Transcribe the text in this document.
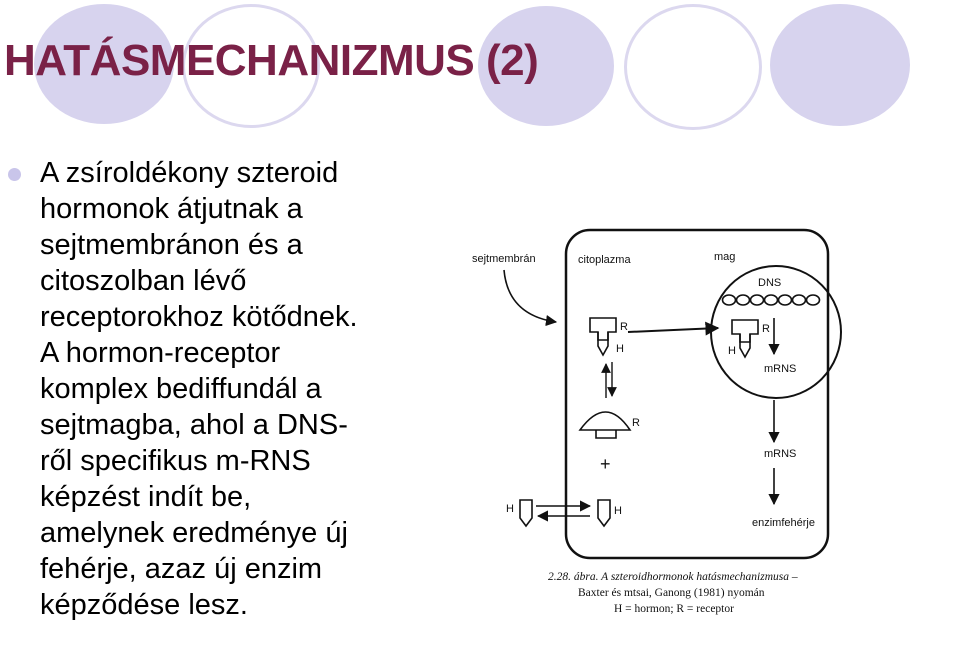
HATÁSMECHANIZMUS (2)
A zsíroldékony szteroid
hormonok átjutnak a
sejtmembránon és a
citoszolban lévő
receptorokhoz kötődnek.
A hormon-receptor
komplex bediffundál a
sejtmagba, ahol a DNS-
ről specifikus m-RNS
képzést indít be,
amelynek eredménye új
fehérje, azaz új enzim
képződése lesz.
sejtmembrán	citoplazma	mag
DNS
R
H
R
H
mRNS
R
+	mRNS
H	H
enzimfehérje
2.28. ábra. A szteroidhormonok hatásmechanizmusa –
Baxter és mtsai, Ganong (1981) nyomán
H = hormon; R = receptor
